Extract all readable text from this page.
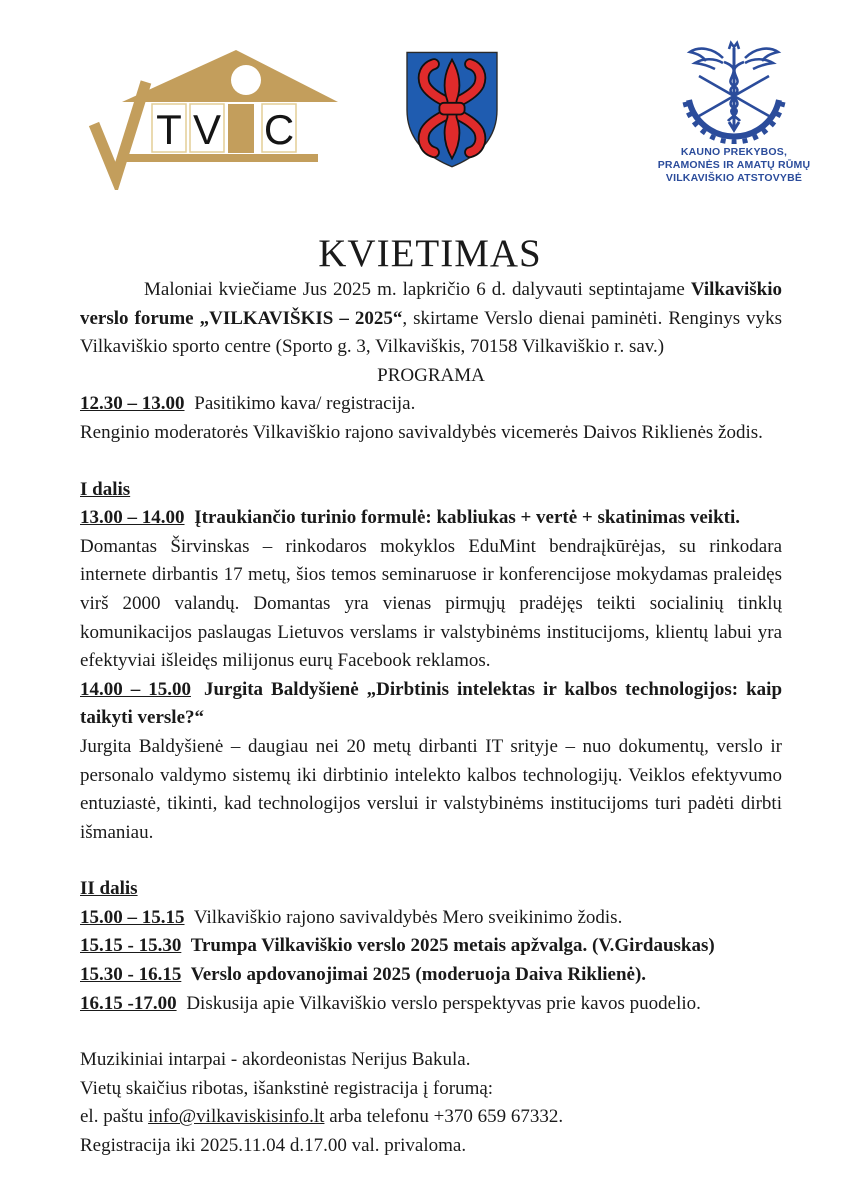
T V C	KAUNO PREKYBOS,
PRAMONĖS IR AMATŲ RŪMŲ
VILKAVIŠKIO ATSTOVYBĖ
KVIETIMAS

Maloniai kviečiame Jus 2025 m. lapkričio 6 d. dalyvauti septintajame Vilkaviškio verslo forume „VILKAVIŠKIS – 2025“, skirtame Verslo dienai paminėti. Renginys vyks Vilkaviškio sporto centre (Sporto g. 3, Vilkaviškis, 70158 Vilkaviškio r. sav.)

PROGRAMA

12.30 – 13.00 Pasitikimo kava/ registracija.

Renginio moderatorės Vilkaviškio rajono savivaldybės vicemerės Daivos Riklienės žodis.

I dalis

13.00 – 14.00 Įtraukiančio turinio formulė: kabliukas + vertė + skatinimas veikti.

Domantas Širvinskas – rinkodaros mokyklos EduMint bendraįkūrėjas, su rinkodara internete dirbantis 17 metų, šios temos seminaruose ir konferencijose mokydamas praleidęs virš 2000 valandų. Domantas yra vienas pirmųjų pradėjęs teikti socialinių tinklų komunikacijos paslaugas Lietuvos verslams ir valstybinėms institucijoms, klientų labui yra efektyviai išleidęs milijonus eurų Facebook reklamos.

14.00 – 15.00 Jurgita Baldyšienė „Dirbtinis intelektas ir kalbos technologijos: kaip taikyti versle?“

Jurgita Baldyšienė – daugiau nei 20 metų dirbanti IT srityje – nuo dokumentų, verslo ir personalo valdymo sistemų iki dirbtinio intelekto kalbos technologijų. Veiklos efektyvumo entuziastė, tikinti, kad technologijos verslui ir valstybinėms institucijoms turi padėti dirbti išmaniau.

II dalis

15.00 – 15.15 Vilkaviškio rajono savivaldybės Mero sveikinimo žodis.

15.15 - 15.30 Trumpa Vilkaviškio verslo 2025 metais apžvalga. (V.Girdauskas)

15.30 - 16.15 Verslo apdovanojimai 2025 (moderuoja Daiva Riklienė).

16.15 -17.00 Diskusija apie Vilkaviškio verslo perspektyvas prie kavos puodelio.

Muzikiniai intarpai - akordeonistas Nerijus Bakula.

Vietų skaičius ribotas, išankstinė registracija į forumą:

el. paštu info@vilkaviskisinfo.lt arba telefonu +370 659 67332.

Registracija iki 2025.11.04 d.17.00 val. privaloma.
